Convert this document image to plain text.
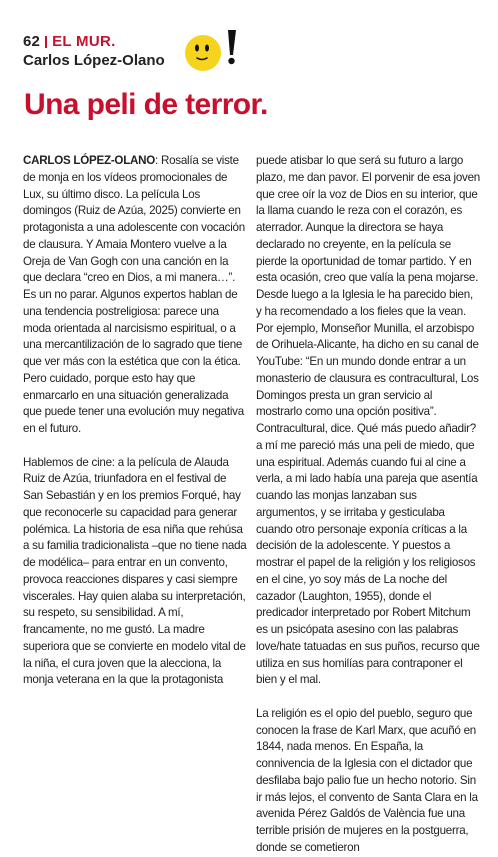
62 EL MUR.
Carlos López-Olano
Una peli de terror.

CARLOS LÓPEZ-OLANO: Rosalía se viste de monja en los vídeos promocionales de Lux, su último disco. La película Los domingos (Ruiz de Azúa, 2025) convierte en protagonista a una adolescente con vocación de clausura. Y Amaia Montero vuelve a la Oreja de Van Gogh con una canción en la que declara “creo en Dios, a mi manera…”. Es un no parar. Algunos expertos hablan de una tendencia postreligiosa: parece una moda orientada al narcisismo espiritual, o a una mercantilización de lo sagrado que tiene que ver más con la estética que con la ética. Pero cuidado, porque esto hay que enmarcarlo en una situación generalizada que puede tener una evolución muy negativa en el futuro.

Hablemos de cine: a la película de Alauda Ruiz de Azúa, triunfadora en el festival de San Sebastián y en los premios Forqué, hay que reconocerle su capacidad para generar polémica. La historia de esa niña que rehúsa a su familia tradicionalista –que no tiene nada de modélica– para entrar en un convento, provoca reacciones dispares y casi siempre viscerales. Hay quien alaba su interpretación, su respeto, su sensibilidad. A mí, francamente, no me gustó. La madre superiora que se convierte en modelo vital de la niña, el cura joven que la alecciona, la monja veterana en la que la protagonista

puede atisbar lo que será su futuro a largo plazo, me dan pavor. El porvenir de esa joven que cree oír la voz de Dios en su interior, que la llama cuando le reza con el corazón, es aterrador. Aunque la directora se haya declarado no creyente, en la película se pierde la oportunidad de tomar partido. Y en esta ocasión, creo que valía la pena mojarse. Desde luego a la Iglesia le ha parecido bien, y ha recomendado a los fieles que la vean. Por ejemplo, Monseñor Munilla, el arzobispo de Orihuela-Alicante, ha dicho en su canal de YouTube: “En un mundo donde entrar a un monasterio de clausura es contracultural, Los Domingos presta un gran servicio al mostrarlo como una opción positiva”. Contracultural, dice. Qué más puedo añadir? a mí me pareció más una peli de miedo, que una espiritual. Además cuando fui al cine a verla, a mi lado había una pareja que asentía cuando las monjas lanzaban sus argumentos, y se irritaba y gesticulaba cuando otro personaje exponía críticas a la decisión de la adolescente. Y puestos a mostrar el papel de la religión y los religiosos en el cine, yo soy más de La noche del cazador (Laughton, 1955), donde el predicador interpretado por Robert Mitchum es un psicópata asesino con las palabras love/hate tatuadas en sus puños, recurso que utiliza en sus homilías para contraponer el bien y el mal.

La religión es el opio del pueblo, seguro que conocen la frase de Karl Marx, que acuñó en 1844, nada menos. En España, la connivencia de la Iglesia con el dictador que desfilaba bajo palio fue un hecho notorio. Sin ir más lejos, el convento de Santa Clara en la avenida Pérez Galdós de València fue una terrible prisión de mujeres en la postguerra, donde se cometieron
